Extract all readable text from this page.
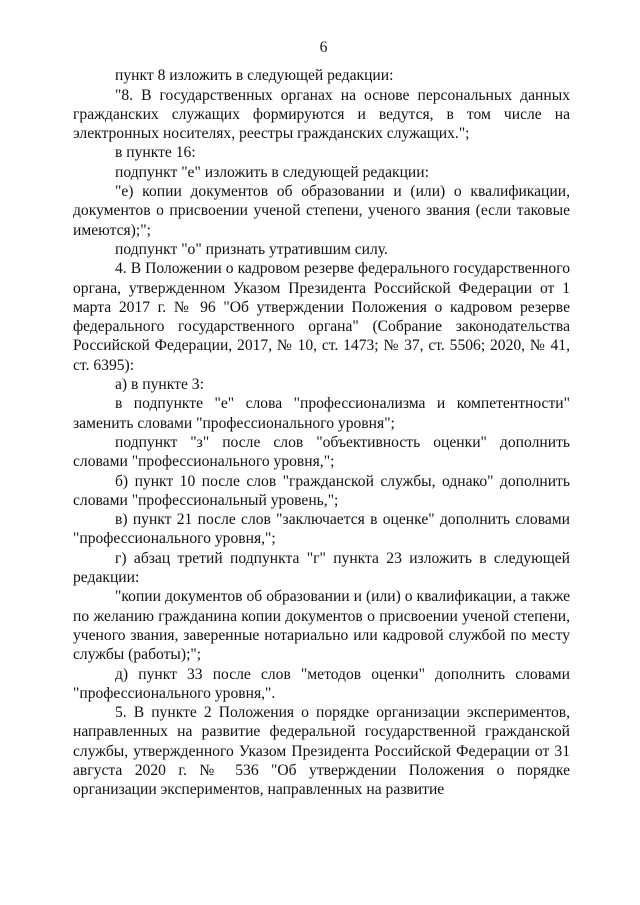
6

пункт 8 изложить в следующей редакции:

"8. В государственных органах на основе персональных данных гражданских служащих формируются и ведутся, в том числе на электронных носителях, реестры гражданских служащих.";

в пункте 16:

подпункт "е" изложить в следующей редакции:

"е) копии документов об образовании и (или) о квалификации, документов о присвоении ученой степени, ученого звания (если таковые имеются);";

подпункт "о" признать утратившим силу.

4. В Положении о кадровом резерве федерального государственного органа, утвержденном Указом Президента Российской Федерации от 1 марта 2017 г. № 96 "Об утверждении Положения о кадровом резерве федерального государственного органа" (Собрание законодательства Российской Федерации, 2017, № 10, ст. 1473; № 37, ст. 5506; 2020, № 41, ст. 6395):

а) в пункте 3:

в подпункте "е" слова "профессионализма и компетентности" заменить словами "профессионального уровня";

подпункт "з" после слов "объективность оценки" дополнить словами "профессионального уровня,";

б) пункт 10 после слов "гражданской службы, однако" дополнить словами "профессиональный уровень,";

в) пункт 21 после слов "заключается в оценке" дополнить словами "профессионального уровня,";

г) абзац третий подпункта "г" пункта 23 изложить в следующей редакции:

"копии документов об образовании и (или) о квалификации, а также по желанию гражданина копии документов о присвоении ученой степени, ученого звания, заверенные нотариально или кадровой службой по месту службы (работы);";

д) пункт 33 после слов "методов оценки" дополнить словами "профессионального уровня,".

5. В пункте 2 Положения о порядке организации экспериментов, направленных на развитие федеральной государственной гражданской службы, утвержденного Указом Президента Российской Федерации от 31 августа 2020 г. № 536 "Об утверждении Положения о порядке организации экспериментов, направленных на развитие
